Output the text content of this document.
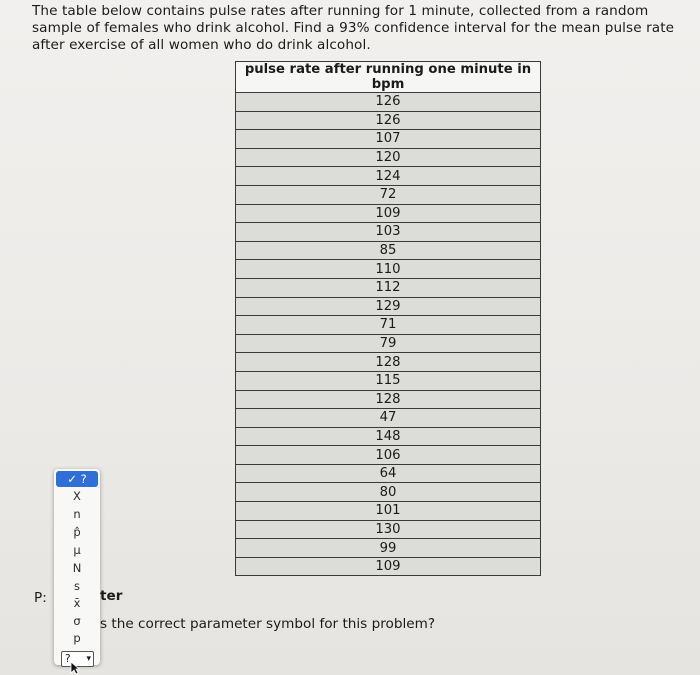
The table below contains pulse rates after running for 1 minute, collected from a random sample of females who drink alcohol. Find a 93% confidence interval for the mean pulse rate after exercise of all women who do drink alcohol.
pulse rate after running one minute in bpm
126
126
107
120
124
72
109
103
85
110
112
129
71
79
128
115
128
47
148
106
64
80
101
130
99
109
P:	ter
s the correct parameter symbol for this problem?
✓ ?
X
n
p̂
μ
N
s
x̄
σ
p
? ▾
